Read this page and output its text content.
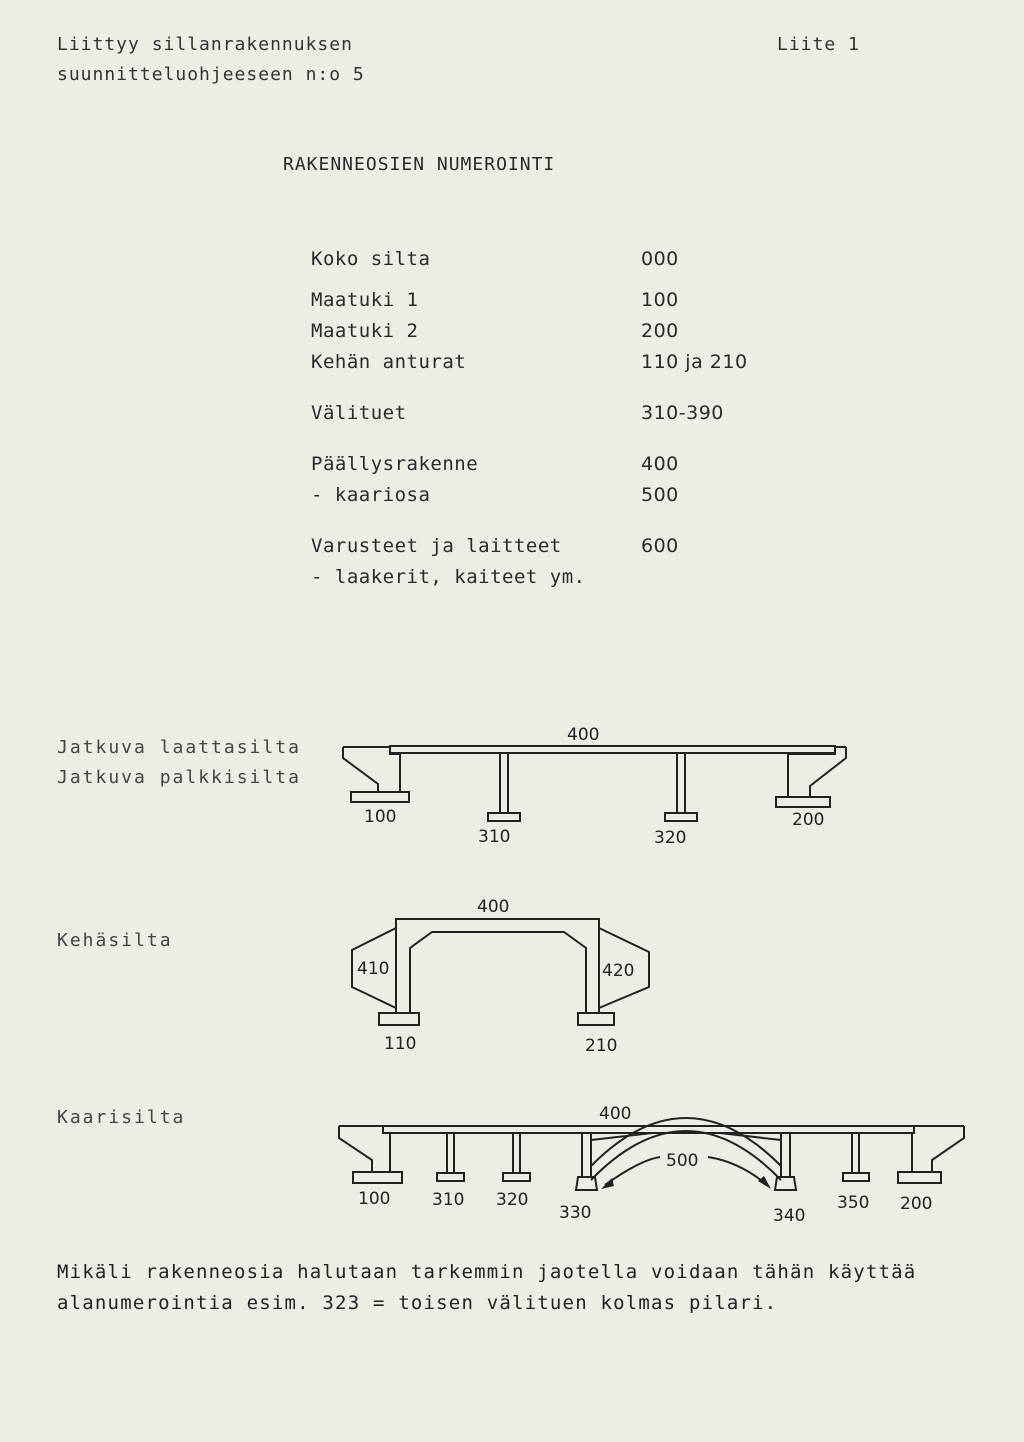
Liittyy sillanrakennuksen
suunnitteluohjeeseen n:o 5
Liite 1
RAKENNEOSIEN NUMEROINTI
Koko silta	000
Maatuki 1	100
Maatuki 2	200
Kehän anturat	110 ja 210
Välituet	310-390
Päällysrakenne	400
- kaariosa	500
Varusteet ja laitteet	600
- laakerit, kaiteet ym.
Jatkuva laattasilta
Jatkuva palkkisilta
Kehäsilta
Kaarisilta
400
100
310	320
200
400
410	420
110	210
400
500
100 310 320
330	340
350 200
Mikäli rakenneosia halutaan tarkemmin jaotella voidaan tähän käyttää
alanumerointia esim. 323 = toisen välituen kolmas pilari.
